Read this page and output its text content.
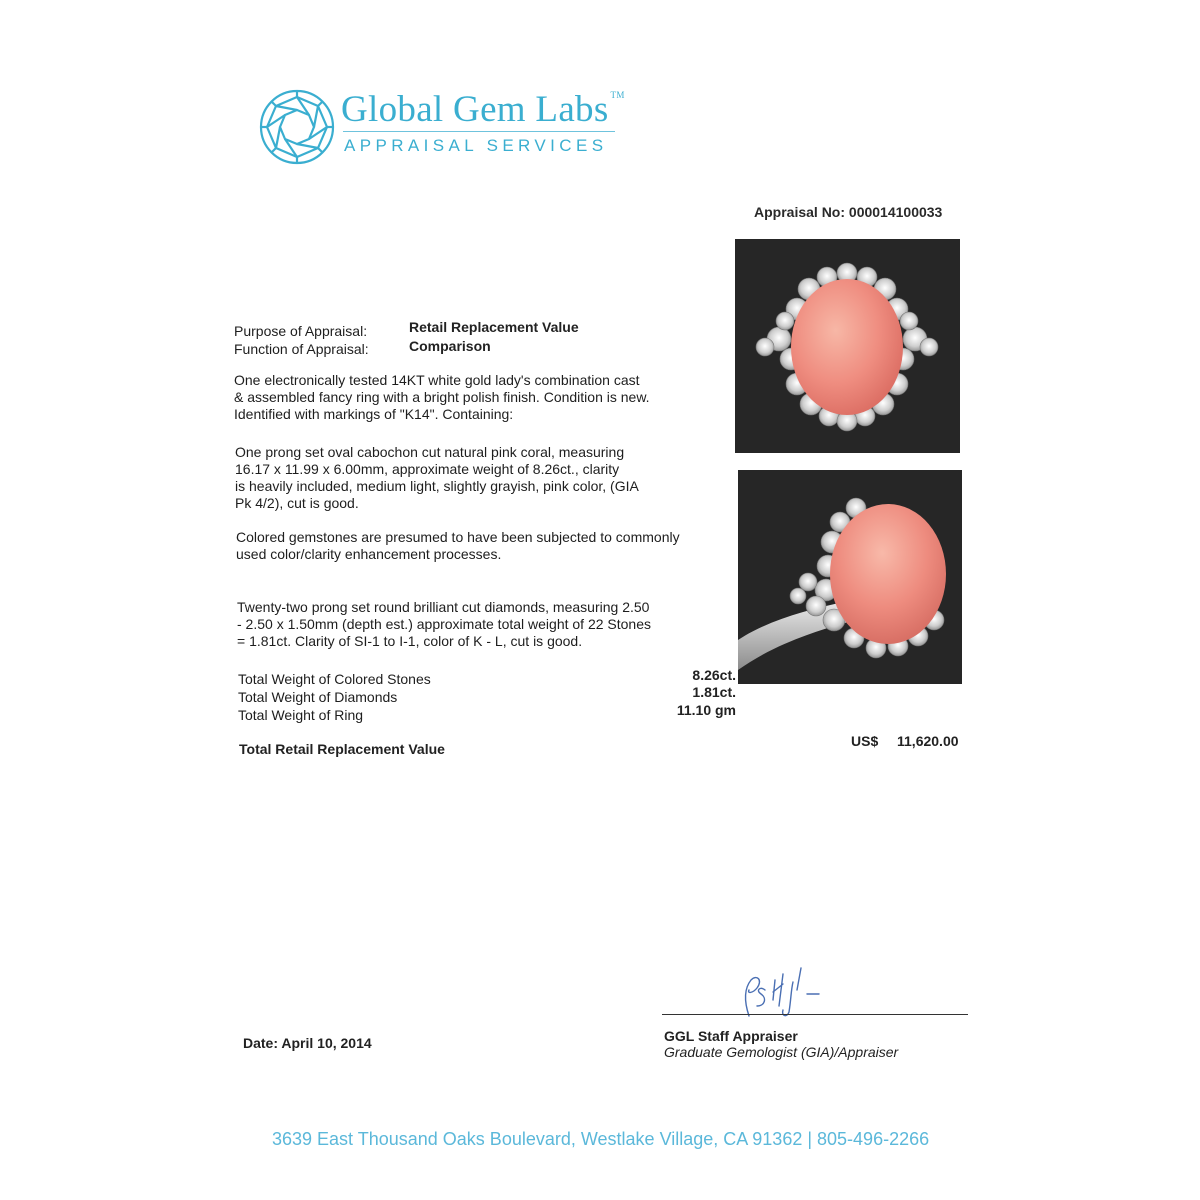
Global Gem Labs ™
APPRAISAL SERVICES
Appraisal No: 000014100033
Purpose of Appraisal:	Retail Replacement Value
Function of Appraisal:	Comparison
One electronically tested 14KT white gold lady's combination cast
& assembled fancy ring with a bright polish finish. Condition is new.
Identified with markings of "K14". Containing:
One prong set oval cabochon cut natural pink coral, measuring
16.17 x 11.99 x 6.00mm, approximate weight of 8.26ct., clarity
is heavily included, medium light, slightly grayish, pink color, (GIA
Pk 4/2), cut is good.
Colored gemstones are presumed to have been subjected to commonly
used color/clarity enhancement processes.
Twenty-two prong set round brilliant cut diamonds, measuring 2.50
- 2.50 x 1.50mm (depth est.) approximate total weight of 22 Stones
= 1.81ct. Clarity of SI-1 to I-1, color of K - L, cut is good.
Total Weight of Colored Stones	8.26ct.
Total Weight of Diamonds	1.81ct.
Total Weight of Ring	11.10 gm
Total Retail Replacement Value	US$ 11,620.00
GGL Staff Appraiser
Graduate Gemologist (GIA)/Appraiser
Date: April 10, 2014
3639 East Thousand Oaks Boulevard, Westlake Village, CA 91362 | 805-496-2266
